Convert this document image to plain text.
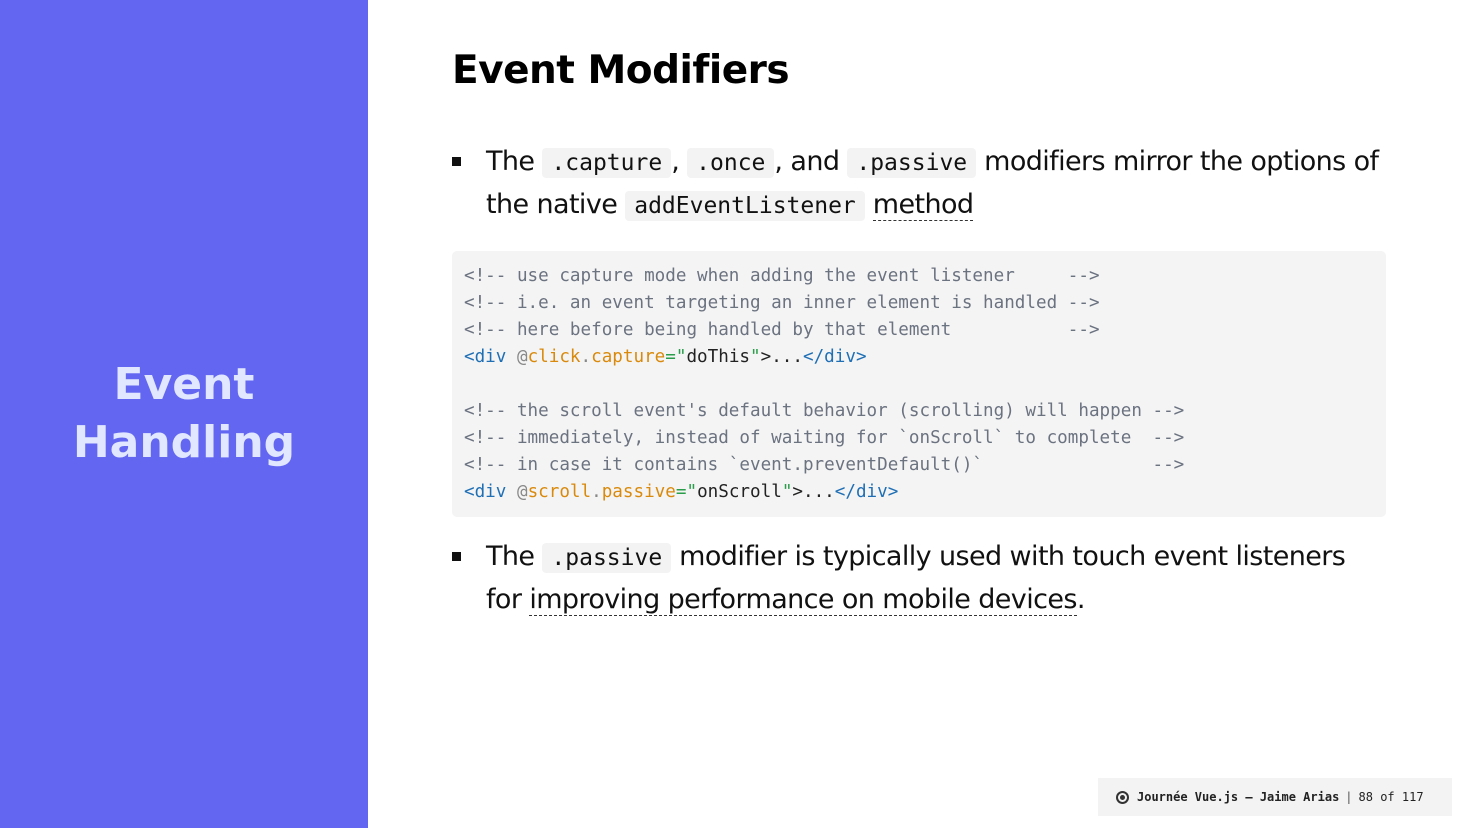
Event
Handling
Event Modifiers
The .capture , .once , and .passive modifiers mirror the options of the native addEventListener method
<!-- use capture mode when adding the event listener     -->
<!-- i.e. an event targeting an inner element is handled -->
<!-- here before being handled by that element           -->
<div @click.capture="doThis">...</div>

<!-- the scroll event's default behavior (scrolling) will happen -->
<!-- immediately, instead of waiting for `onScroll` to complete  -->
<!-- in case it contains `event.preventDefault()`                -->
<div @scroll.passive="onScroll">...</div>
The .passive modifier is typically used with touch event listeners for improving performance on mobile devices.
Journée Vue.js – Jaime Arias | 88 of 117
